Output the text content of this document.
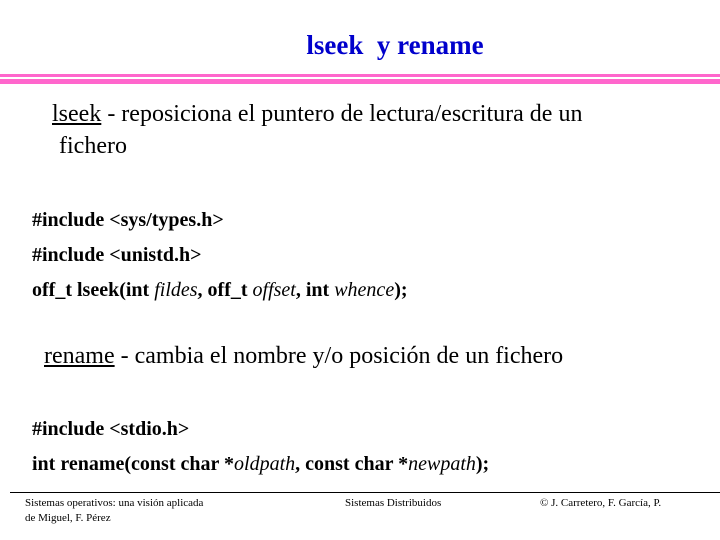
lseek  y rename
lseek - reposiciona el puntero de lectura/escritura de un
fichero
#include <sys/types.h>
#include <unistd.h>
off_t lseek(int fildes, off_t offset, int whence);
rename - cambia el nombre y/o posición de un fichero
#include <stdio.h>
int rename(const char *oldpath, const char *newpath);
Sistemas operativos: una visión aplicada
de Miguel, F. Pérez
Sistemas Distribuidos	© J. Carretero, F. García, P.
